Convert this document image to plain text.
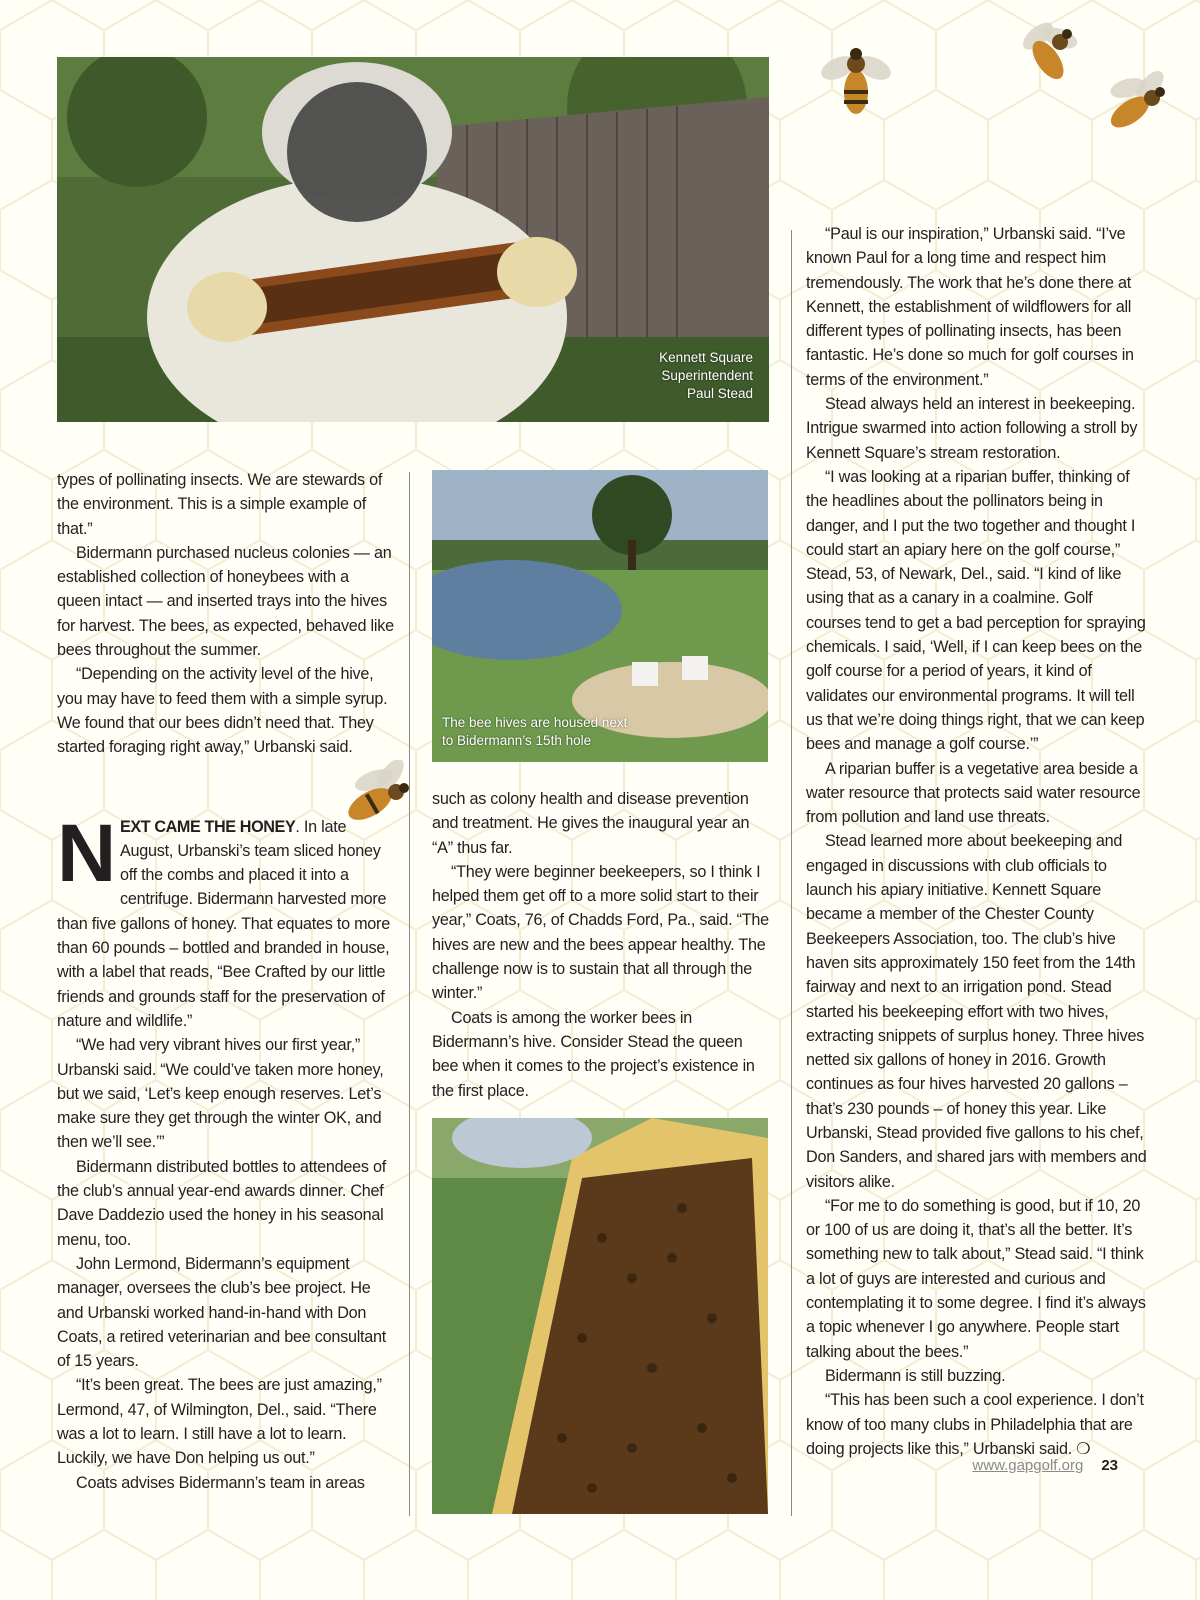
Kennett Square
Superintendent
Paul Stead
The bee hives are housed next
to Bidermann’s 15th hole

types of pollinating insects. We are stewards of the environment. This is a simple example of that.”

Bidermann purchased nucleus colonies — an established collection of honeybees with a queen intact — and inserted trays into the hives for harvest. The bees, as expected, behaved like bees throughout the summer.

“Depending on the activity level of the hive, you may have to feed them with a simple syrup. We found that our bees didn’t need that. They started foraging right away,” Urbanski said.

NEXT CAME THE HONEY. In late August, Urbanski’s team sliced honey off the combs and placed it into a centrifuge. Bidermann harvested more than five gallons of honey. That equates to more than 60 pounds – bottled and branded in house, with a label that reads, “Bee Crafted by our little friends and grounds staff for the preservation of nature and wildlife.”

“We had very vibrant hives our first year,” Urbanski said. “We could’ve taken more honey, but we said, ‘Let’s keep enough reserves. Let’s make sure they get through the winter OK, and then we’ll see.’”

Bidermann distributed bottles to attendees of the club’s annual year-end awards dinner. Chef Dave Daddezio used the honey in his seasonal menu, too.

John Lermond, Bidermann’s equipment manager, oversees the club’s bee project. He and Urbanski worked hand-in-hand with Don Coats, a retired veterinarian and bee consultant of 15 years.

“It’s been great. The bees are just amazing,” Lermond, 47, of Wilmington, Del., said. “There was a lot to learn. I still have a lot to learn. Luckily, we have Don helping us out.”

Coats advises Bidermann’s team in areas

such as colony health and disease prevention and treatment. He gives the inaugural year an “A” thus far.

“They were beginner beekeepers, so I think I helped them get off to a more solid start to their year,” Coats, 76, of Chadds Ford, Pa., said. “The hives are new and the bees appear healthy. The challenge now is to sustain that all through the winter.”

Coats is among the worker bees in Bidermann’s hive. Consider Stead the queen bee when it comes to the project’s existence in the first place.

“Paul is our inspiration,” Urbanski said. “I’ve known Paul for a long time and respect him tremendously. The work that he’s done there at Kennett, the establishment of wildflowers for all different types of pollinating insects, has been fantastic. He’s done so much for golf courses in terms of the environment.”

Stead always held an interest in beekeeping. Intrigue swarmed into action following a stroll by Kennett Square’s stream restoration.

“I was looking at a riparian buffer, thinking of the headlines about the pollinators being in danger, and I put the two together and thought I could start an apiary here on the golf course,” Stead, 53, of Newark, Del., said. “I kind of like using that as a canary in a coalmine. Golf courses tend to get a bad perception for spraying chemicals. I said, ‘Well, if I can keep bees on the golf course for a period of years, it kind of validates our environmental programs. It will tell us that we’re doing things right, that we can keep bees and manage a golf course.’”

A riparian buffer is a vegetative area beside a water resource that protects said water resource from pollution and land use threats.

Stead learned more about beekeeping and engaged in discussions with club officials to launch his apiary initiative. Kennett Square became a member of the Chester County Beekeepers Association, too. The club’s hive haven sits approximately 150 feet from the 14th fairway and next to an irrigation pond. Stead started his beekeeping effort with two hives, extracting snippets of surplus honey. Three hives netted six gallons of honey in 2016. Growth continues as four hives harvested 20 gallons – that’s 230 pounds – of honey this year. Like Urbanski, Stead provided five gallons to his chef, Don Sanders, and shared jars with members and visitors alike.

“For me to do something is good, but if 10, 20 or 100 of us are doing it, that’s all the better. It’s something new to talk about,” Stead said. “I think a lot of guys are interested and curious and contemplating it to some degree. I find it’s always a topic whenever I go anywhere. People start talking about the bees.”

Bidermann is still buzzing.

“This has been such a cool experience. I don’t know of too many clubs in Philadelphia that are doing projects like this,” Urbanski said. ❍

www.gapgolf.org 23
